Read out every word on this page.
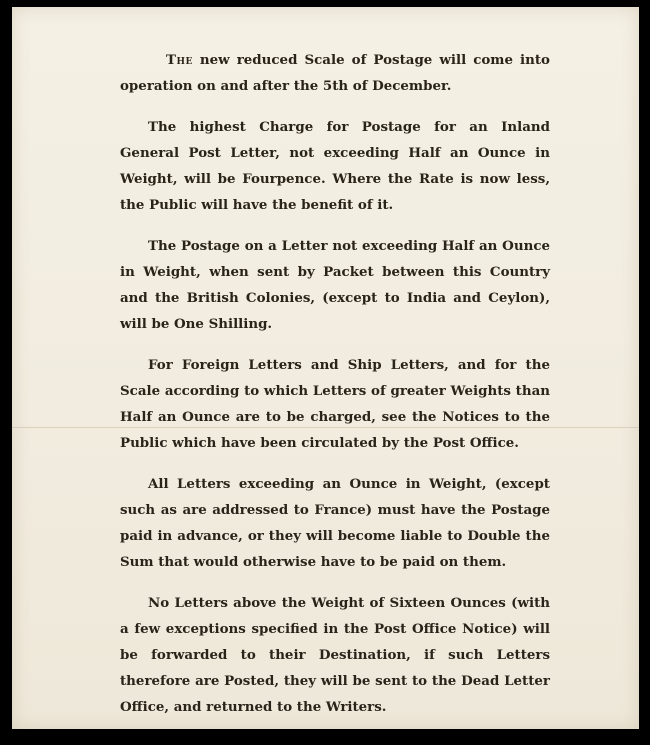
The new reduced Scale of Postage will come into operation on and after the 5th of December.

The highest Charge for Postage for an Inland General Post Letter, not exceeding Half an Ounce in Weight, will be Fourpence. Where the Rate is now less, the Public will have the benefit of it.

The Postage on a Letter not exceeding Half an Ounce in Weight, when sent by Packet between this Country and the British Colonies, (except to India and Ceylon), will be One Shilling.

For Foreign Letters and Ship Letters, and for the Scale according to which Letters of greater Weights than Half an Ounce are to be charged, see the Notices to the Public which have been circulated by the Post Office.

All Letters exceeding an Ounce in Weight, (except such as are addressed to France) must have the Postage paid in advance, or they will become liable to Double the Sum that would otherwise have to be paid on them.

No Letters above the Weight of Sixteen Ounces (with a few exceptions specified in the Post Office Notice) will be forwarded to their Destination, if such Letters therefore are Posted, they will be sent to the Dead Letter Office, and returned to the Writers.
